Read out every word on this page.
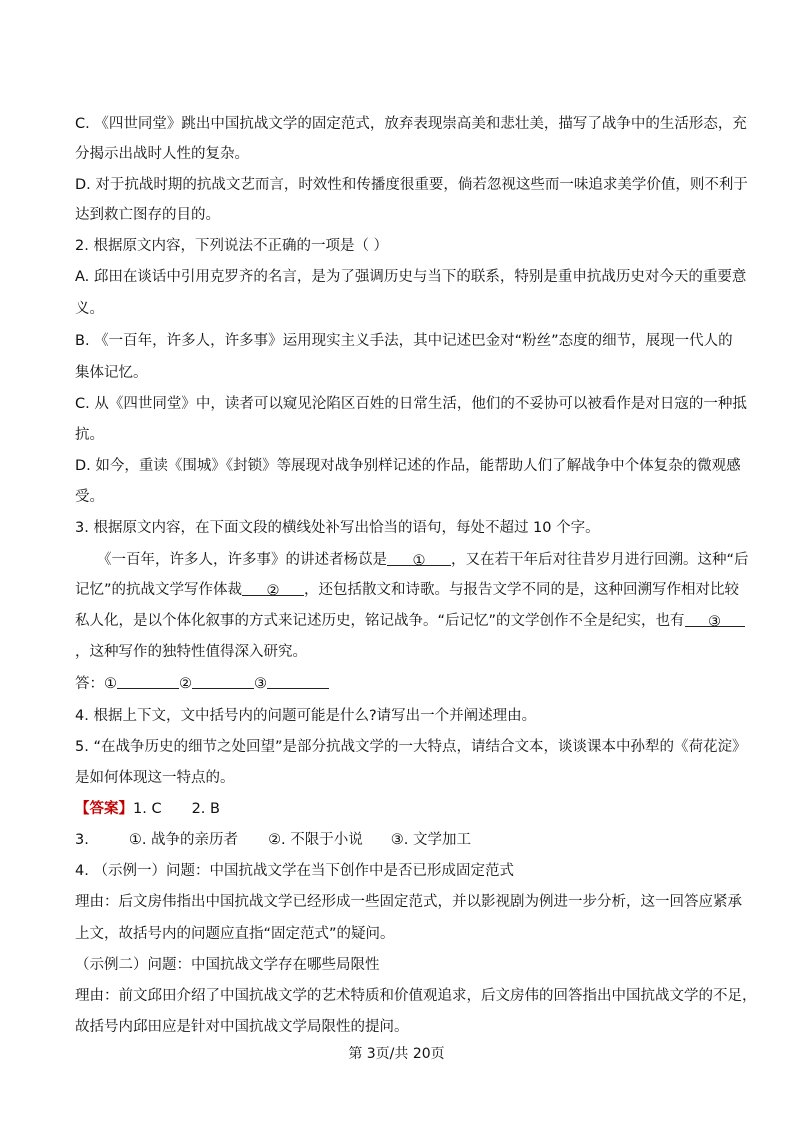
C. 《四世同堂》跳出中国抗战文学的固定范式，放弃表现崇高美和悲壮美，描写了战争中的生活形态，充

分揭示出战时人性的复杂。

D. 对于抗战时期的抗战文艺而言，时效性和传播度很重要，倘若忽视这些而一味追求美学价值，则不利于

达到救亡图存的目的。

2. 根据原文内容，下列说法不正确的一项是（ ）

A. 邱田在谈话中引用克罗齐的名言，是为了强调历史与当下的联系，特别是重申抗战历史对今天的重要意

义。

B. 《一百年，许多人，许多事》运用现实主义手法，其中记述巴金对“粉丝”态度的细节，展现一代人的

集体记忆。

C. 从《四世同堂》中，读者可以窥见沦陷区百姓的日常生活，他们的不妥协可以被看作是对日寇的一种抵

抗。

D. 如今，重读《围城》《封锁》等展现对战争别样记述的作品，能帮助人们了解战争中个体复杂的微观感

受。

3. 根据原文内容，在下面文段的横线处补写出恰当的语句，每处不超过 10 个字。

《一百年，许多人，许多事》的讲述者杨苡是 ① ，又在若干年后对往昔岁月进行回溯。这种“后

记忆”的抗战文学写作体裁 ② ，还包括散文和诗歌。与报告文学不同的是，这种回溯写作相对比较

私人化，是以个体化叙事的方式来记述历史，铭记战争。“后记忆”的文学创作不全是纪实，也有 ③

，这种写作的独特性值得深入研究。

答：①	②	③

4. 根据上下文，文中括号内的问题可能是什么?请写出一个并阐述理由。

5. “在战争历史的细节之处回望”是部分抗战文学的一大特点，请结合文本，谈谈课本中孙犁的《荷花淀》

是如何体现这一特点的。

【答案】1. C 2. B

3.	①. 战争的亲历者 ②. 不限于小说 ③. 文学加工

4. （示例一）问题：中国抗战文学在当下创作中是否已形成固定范式

理由：后文房伟指出中国抗战文学已经形成一些固定范式，并以影视剧为例进一步分析，这一回答应紧承

上文，故括号内的问题应直指“固定范式”的疑问。

（示例二）问题：中国抗战文学存在哪些局限性

理由：前文邱田介绍了中国抗战文学的艺术特质和价值观追求，后文房伟的回答指出中国抗战文学的不足，

故括号内邱田应是针对中国抗战文学局限性的提问。

第 3页/共 20页
